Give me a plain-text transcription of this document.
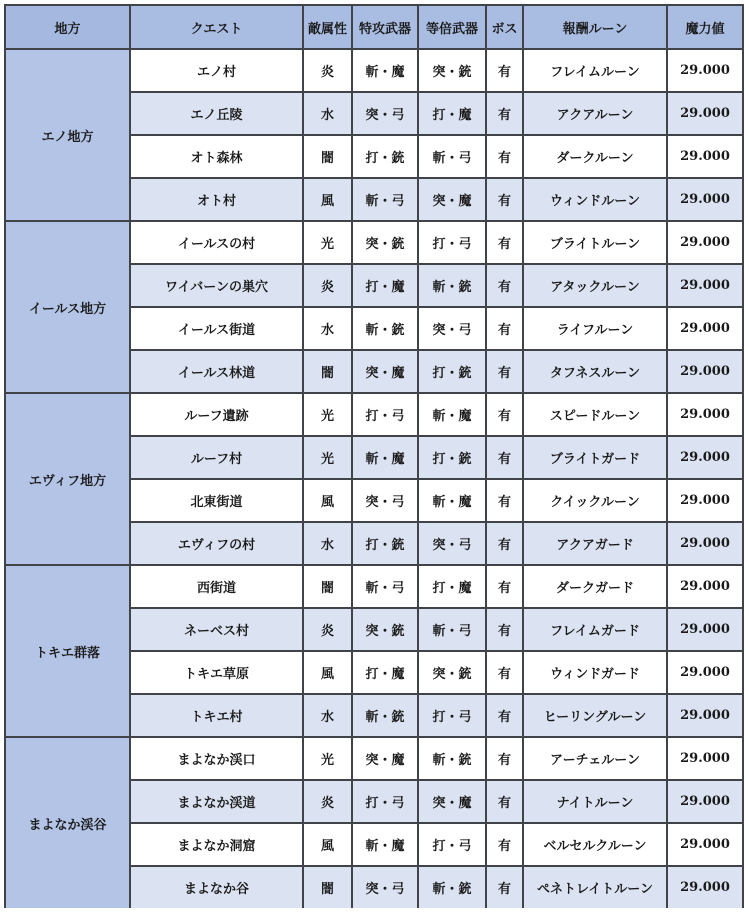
地方	クエスト	敵属性	特攻武器	等倍武器	ボス	報酬ルーン	魔力値
エノ地方	エノ村	炎	斬・魔	突・銃	有	フレイムルーン	29.000
	エノ丘陵	水	突・弓	打・魔	有	アクアルーン	29.000
	オト森林	闇	打・銃	斬・弓	有	ダークルーン	29.000
	オト村	風	斬・弓	突・魔	有	ウィンドルーン	29.000
イールス地方	イールスの村	光	突・銃	打・弓	有	ブライトルーン	29.000
	ワイバーンの巣穴	炎	打・魔	斬・銃	有	アタックルーン	29.000
	イールス街道	水	斬・銃	突・弓	有	ライフルーン	29.000
	イールス林道	闇	突・魔	打・銃	有	タフネスルーン	29.000
エヴィフ地方	ルーフ遺跡	光	打・弓	斬・魔	有	スピードルーン	29.000
	ルーフ村	光	斬・魔	打・銃	有	ブライトガード	29.000
	北東街道	風	突・弓	斬・魔	有	クイックルーン	29.000
	エヴィフの村	水	打・銃	突・弓	有	アクアガード	29.000
トキエ群落	西街道	闇	斬・弓	打・魔	有	ダークガード	29.000
	ネーベス村	炎	突・銃	斬・弓	有	フレイムガード	29.000
	トキエ草原	風	打・魔	突・銃	有	ウィンドガード	29.000
	トキエ村	水	斬・銃	打・弓	有	ヒーリングルーン	29.000
まよなか渓谷	まよなか渓口	光	突・魔	斬・銃	有	アーチェルーン	29.000
	まよなか渓道	炎	打・弓	突・魔	有	ナイトルーン	29.000
	まよなか洞窟	風	斬・魔	打・弓	有	ベルセルクルーン	29.000
	まよなか谷	闇	突・弓	斬・銃	有	ペネトレイトルーン	29.000
